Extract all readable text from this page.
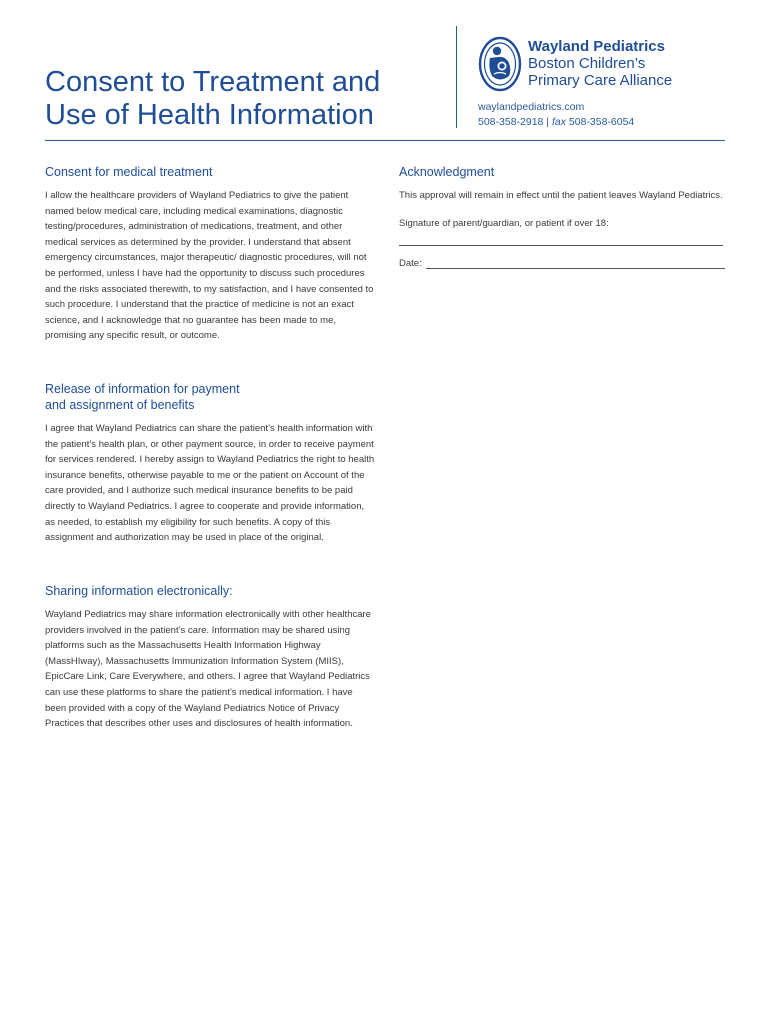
Consent to Treatment and
Use of Health Information
Wayland Pediatrics
Boston Children’s
Primary Care Alliance
waylandpediatrics.com
508-358-2918 | fax 508-358-6054
Consent for medical treatment

I allow the healthcare providers of Wayland Pediatrics to give the patient named below medical care, including medical examinations, diagnostic testing/procedures, administration of medications, treatment, and other medical services as determined by the provider. I understand that absent emergency circumstances, major therapeutic/ diagnostic procedures, will not be performed, unless I have had the opportunity to discuss such procedures and the risks associated therewith, to my satisfaction, and I have consented to such procedure. I understand that the practice of medicine is not an exact science, and I acknowledge that no guarantee has been made to me, promising any specific result, or outcome.

Release of information for payment
and assignment of benefits

I agree that Wayland Pediatrics can share the patient’s health information with the patient’s health plan, or other payment source, in order to receive payment for services rendered. I hereby assign to Wayland Pediatrics the right to health insurance benefits, otherwise payable to me or the patient on Account of the care provided, and I authorize such medical insurance benefits to be paid directly to Wayland Pediatrics. I agree to cooperate and provide information, as needed, to establish my eligibility for such benefits. A copy of this assignment and authorization may be used in place of the original.

Sharing information electronically:

Wayland Pediatrics may share information electronically with other healthcare providers involved in the patient’s care. Information may be shared using platforms such as the Massachusetts Health Information Highway (MassHIway), Massachusetts Immunization Information System (MIIS), EpicCare Link, Care Everywhere, and others. I agree that Wayland Pediatrics can use these platforms to share the patient’s medical information. I have been provided with a copy of the Wayland Pediatrics Notice of Privacy Practices that describes other uses and disclosures of health information.

Acknowledgment

This approval will remain in effect until the patient leaves Wayland Pediatrics.

Signature of parent/guardian, or patient if over 18:

Date:
